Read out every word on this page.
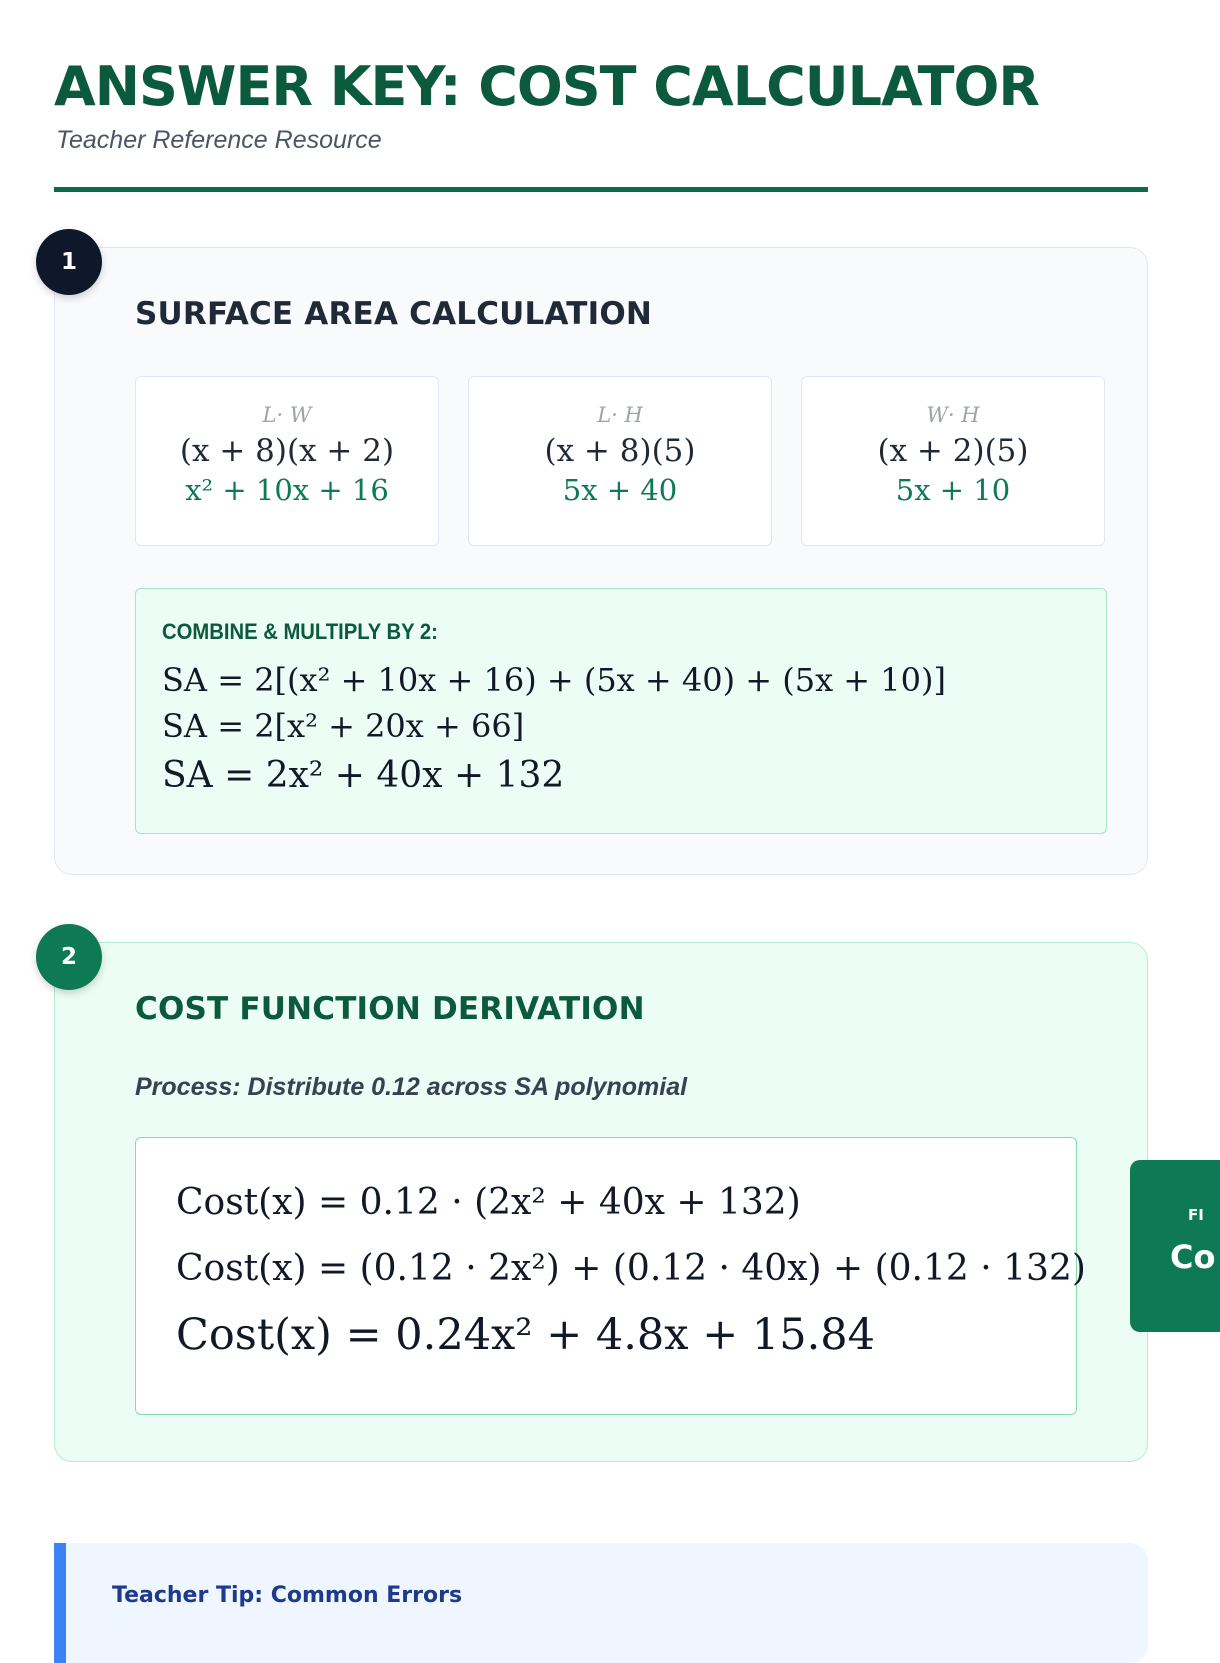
ANSWER KEY: COST CALCULATOR
Teacher Reference Resource
SURFACE AREA CALCULATION
L· W
(x + 8)(x + 2)
x² + 10x + 16
L· H
(x + 8)(5)
5x + 40
W· H
(x + 2)(5)
5x + 10
COMBINE & MULTIPLY BY 2:
SA = 2[(x² + 10x + 16) + (5x + 40) + (5x + 10)]
SA = 2[x² + 20x + 66]
SA = 2x² + 40x + 132
1
COST FUNCTION DERIVATION
Process: Distribute 0.12 across SA polynomial
Cost(x) = 0.12 · (2x² + 40x + 132)
Cost(x) = (0.12 · 2x²) + (0.12 · 40x) + (0.12 · 132)
Cost(x) = 0.24x² + 4.8x + 15.84
2
FI
Co
Teacher Tip: Common Errors
